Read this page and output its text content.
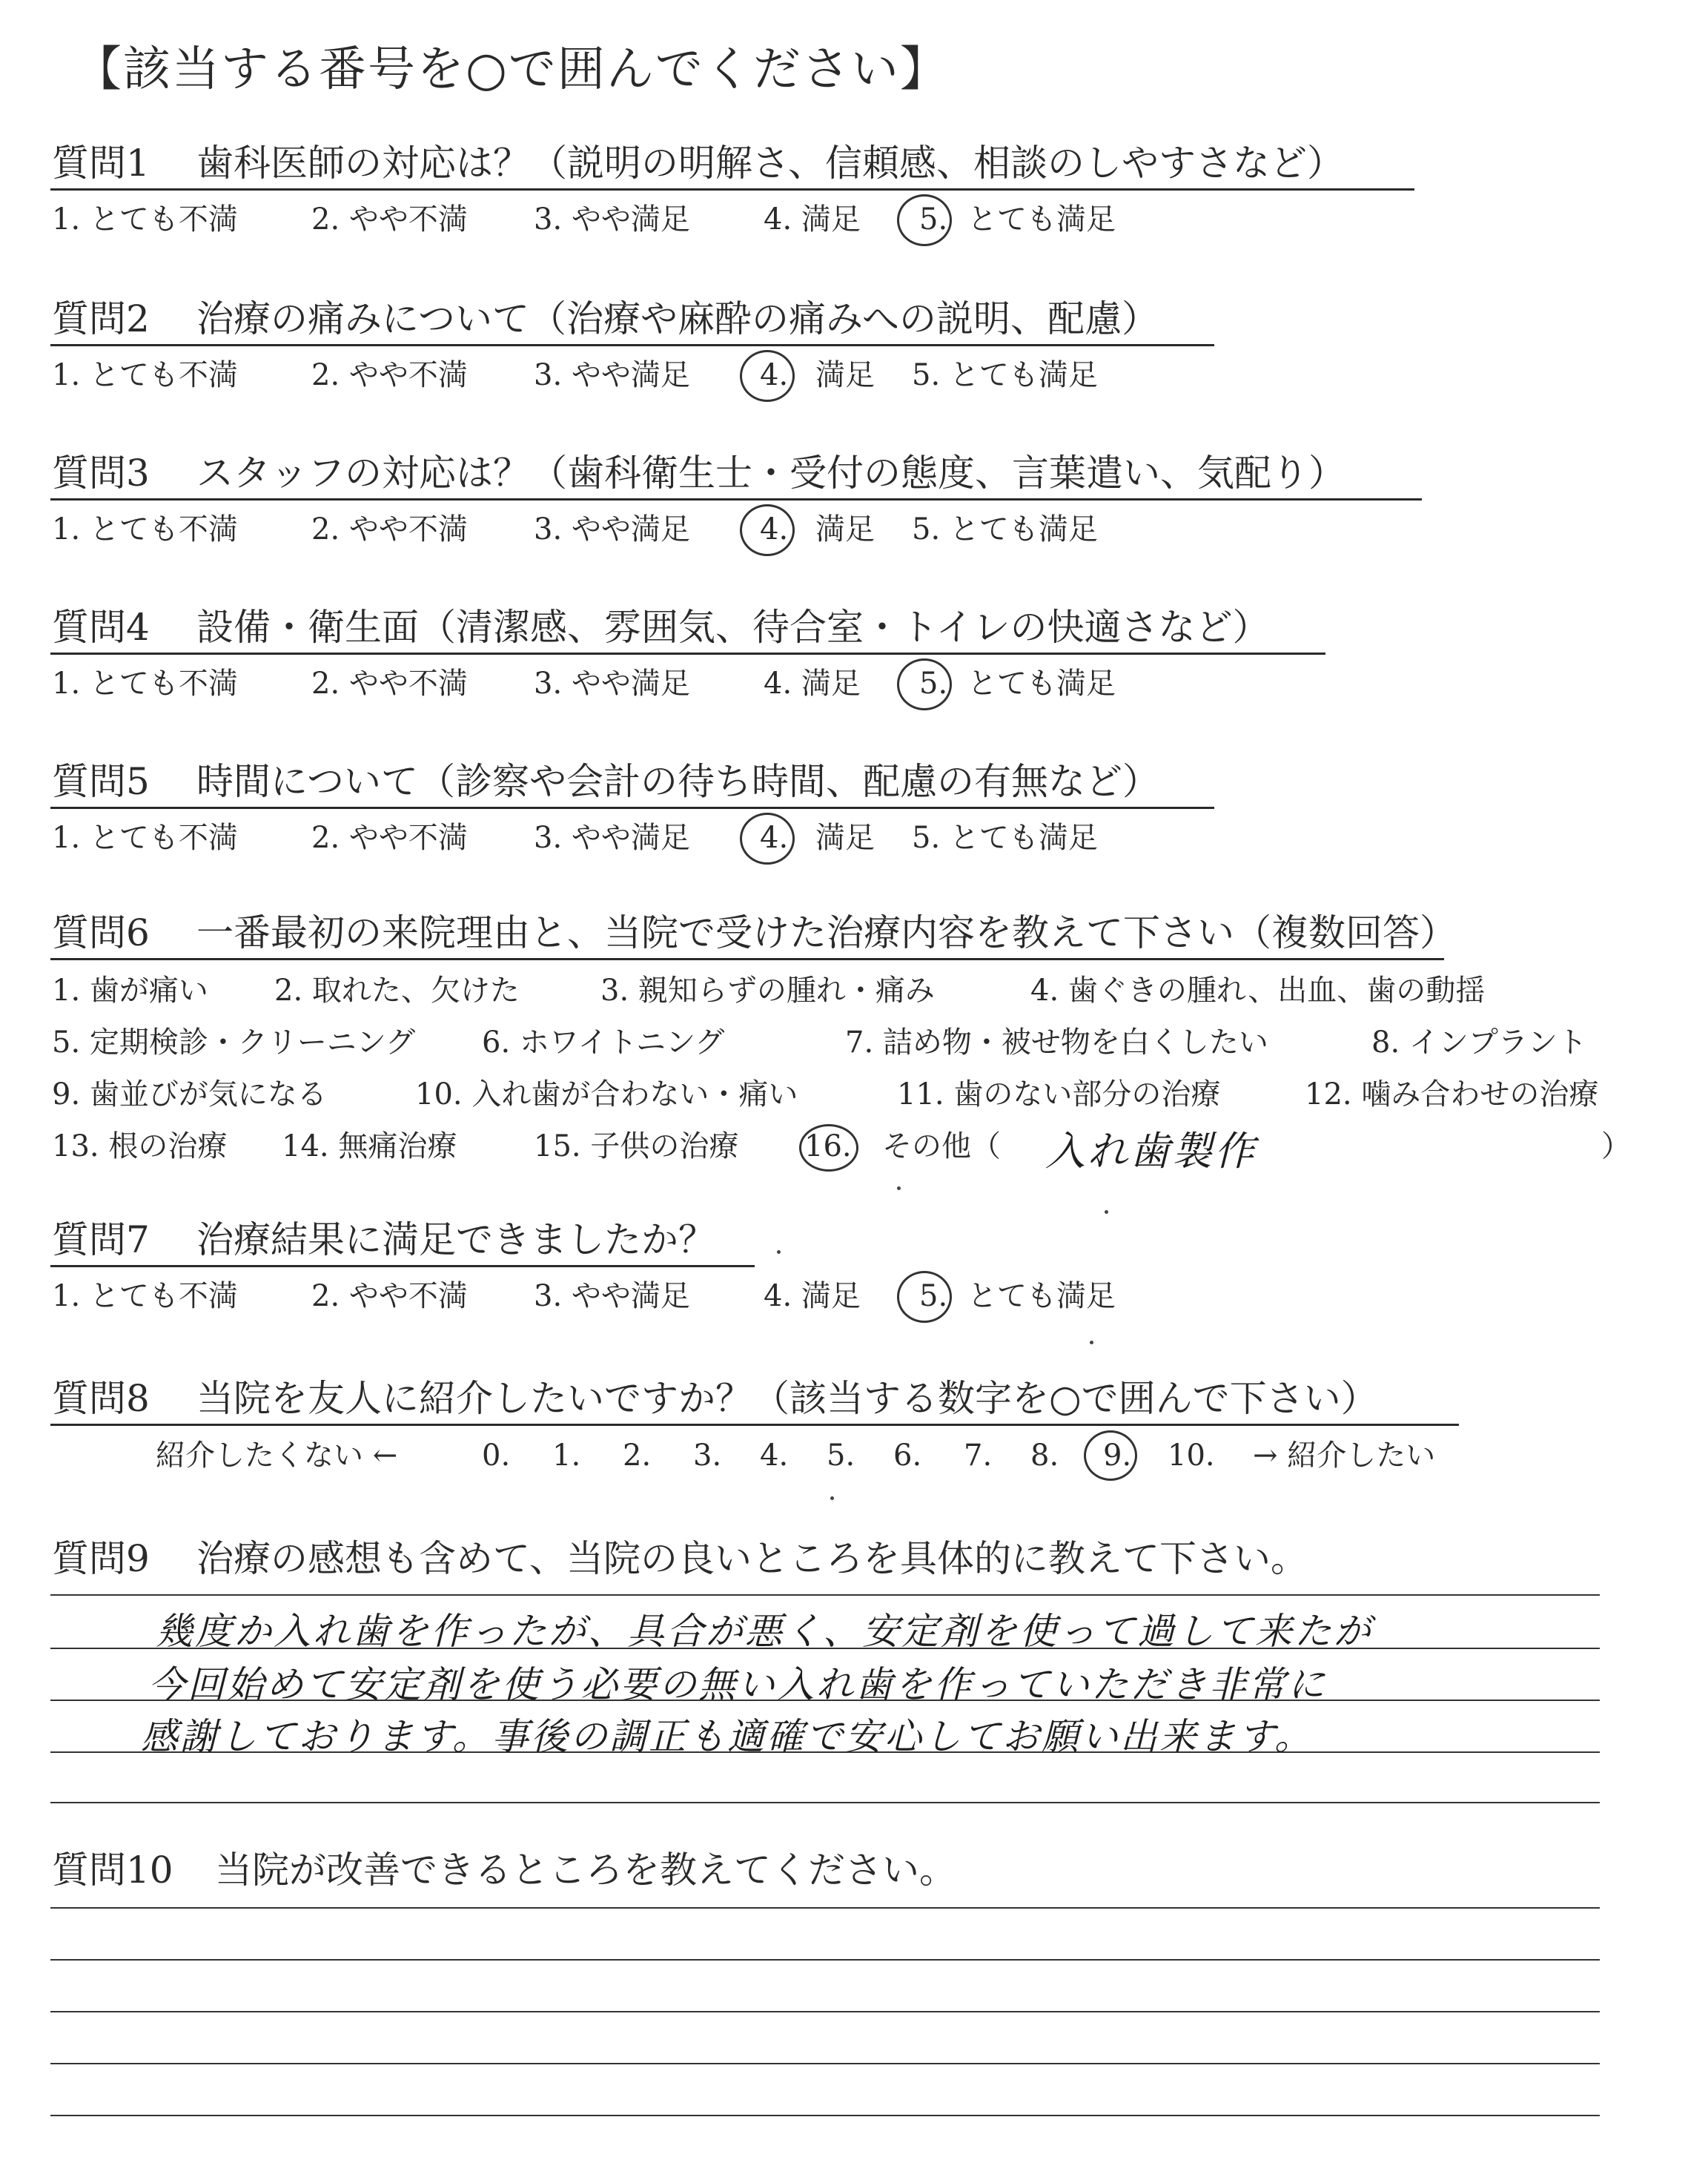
【該当する番号を○で囲んでください】
質問1 歯科医師の対応は？（説明の明解さ、信頼感、相談のしやすさなど）
1. とても不満 2. やや不満 3. やや満足 4. 満足 5. とても満足
質問2 治療の痛みについて（治療や麻酔の痛みへの説明、配慮）
1. とても不満 2. やや不満 3. やや満足 4. 満足 5. とても満足
質問3 スタッフの対応は？（歯科衛生士・受付の態度、言葉遣い、気配り）
1. とても不満 2. やや不満 3. やや満足 4. 満足 5. とても満足
質問4 設備・衛生面（清潔感、雰囲気、待合室・トイレの快適さなど）
1. とても不満 2. やや不満 3. やや満足 4. 満足 5. とても満足
質問5 時間について（診察や会計の待ち時間、配慮の有無など）
1. とても不満 2. やや不満 3. やや満足 4. 満足 5. とても満足
質問6 一番最初の来院理由と、当院で受けた治療内容を教えて下さい（複数回答）
1. 歯が痛い 2. 取れた、欠けた	3. 親知らずの腫れ・痛み	4. 歯ぐきの腫れ、出血、歯の動揺
5. 定期検診・クリーニング 6. ホワイトニング	7. 詰め物・被せ物を白くしたい	8. インプラント
9. 歯並びが気になる	10. 入れ歯が合わない・痛い	11. 歯のない部分の治療	12. 噛み合わせの治療
13. 根の治療 14. 無痛治療	15. 子供の治療 16. その他（ 入れ歯製作	）
質問7 治療結果に満足できましたか？
1. とても不満 2. やや不満 3. やや満足 4. 満足 5. とても満足
質問8 当院を友人に紹介したいですか？（該当する数字を○で囲んで下さい）
紹介したくない ←	0. 1. 2. 3. 4. 5. 6. 7. 8. 9. 10. → 紹介したい
質問9 治療の感想も含めて、当院の良いところを具体的に教えて下さい。
幾度か入れ歯を作ったが、具合が悪く、安定剤を使って過して来たが
今回始めて安定剤を使う必要の無い入れ歯を作っていただき非常に
感謝しております。事後の調正も適確で安心してお願い出来ます。
質問10 当院が改善できるところを教えてください。
